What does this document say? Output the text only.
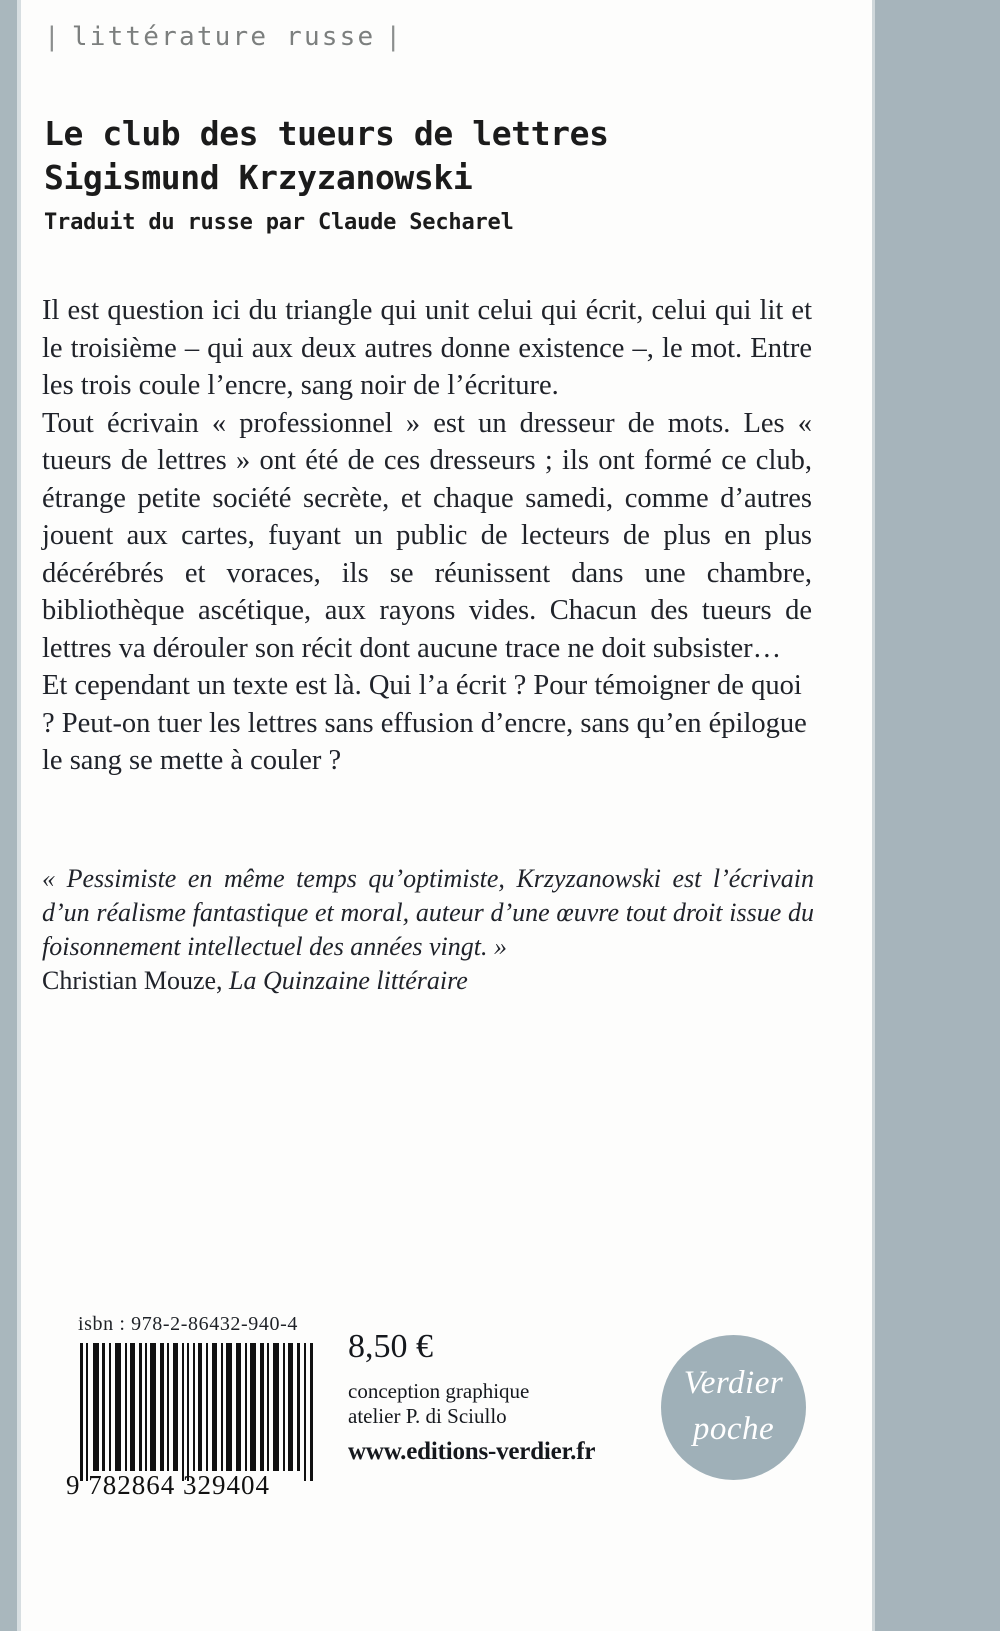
| littérature russe |
Le club des tueurs de lettres
Sigismund Krzyzanowski
Traduit du russe par Claude Secharel

Il est question ici du triangle qui unit celui qui écrit, celui qui lit et le troisième – qui aux deux autres donne existence –, le mot. Entre les trois coule l’encre, sang noir de l’écriture.

Tout écrivain « professionnel » est un dresseur de mots. Les « tueurs de lettres » ont été de ces dresseurs ; ils ont formé ce club, étrange petite société secrète, et chaque samedi, comme d’autres jouent aux cartes, fuyant un public de lecteurs de plus en plus décérébrés et voraces, ils se réunissent dans une chambre, bibliothèque ascétique, aux rayons vides. Chacun des tueurs de lettres va dérouler son récit dont aucune trace ne doit subsister…

Et cependant un texte est là. Qui l’a écrit ? Pour témoigner de quoi ? Peut-on tuer les lettres sans effusion d’encre, sans qu’en épilogue le sang se mette à couler ?

« Pessimiste en même temps qu’optimiste, Krzyzanowski est l’écrivain d’un réalisme fantastique et moral, auteur d’une œuvre tout droit issue du foisonnement intellectuel des années vingt. »

Christian Mouze, La Quinzaine littéraire

isbn : 978-2-86432-940-4
9 782864 329404
8,50 €
conception graphique
atelier P. di Sciullo
www.editions-verdier.fr
Verdier
poche
